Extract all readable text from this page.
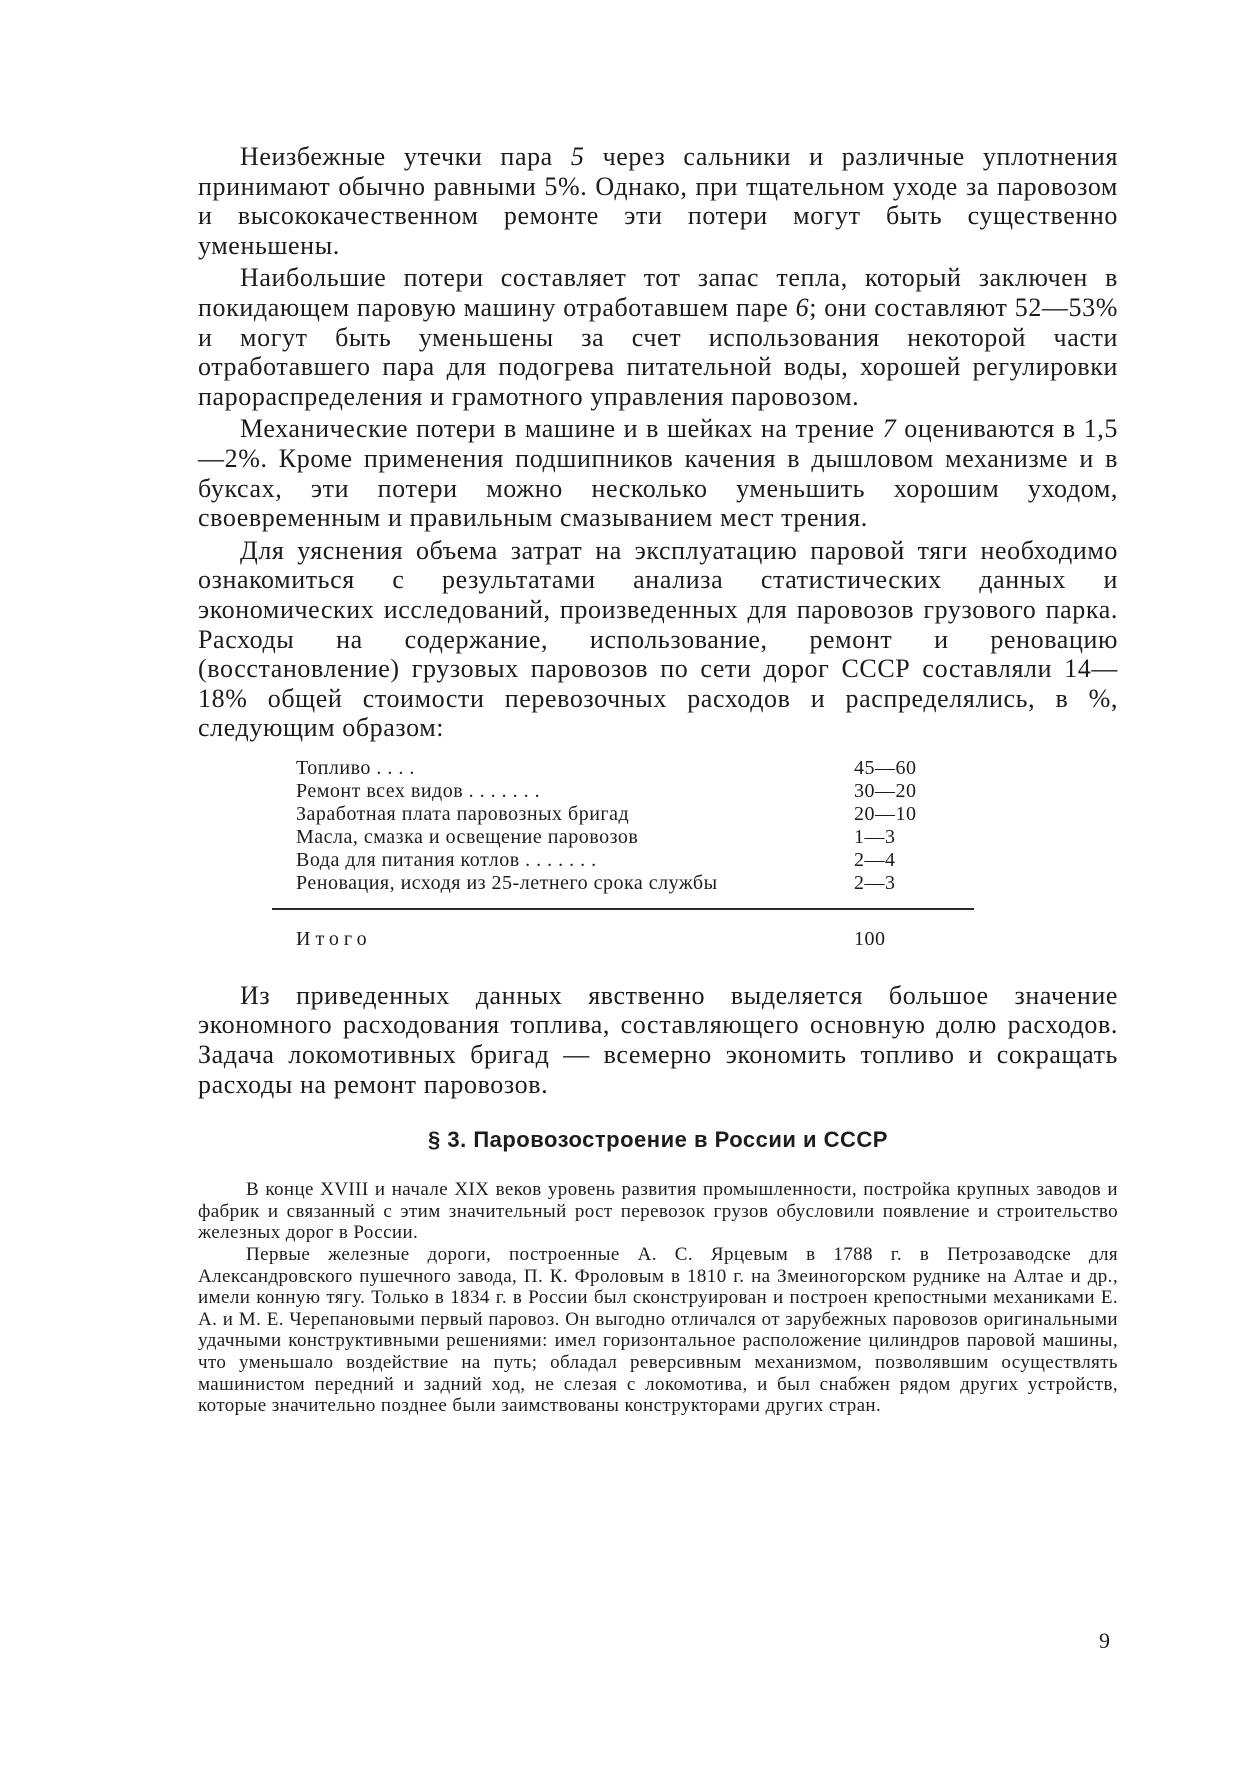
Неизбежные утечки пара 5 через сальники и различные уплотнения принимают обычно равными 5%. Однако, при тщательном уходе за паровозом и высококачественном ремонте эти потери могут быть существенно уменьшены.

Наибольшие потери составляет тот запас тепла, который заключен в покидающем паровую машину отработавшем паре 6; они составляют 52—53% и могут быть уменьшены за счет использования некоторой части отработавшего пара для подогрева питательной воды, хорошей регулировки парораспределения и грамотного управления паровозом.

Механические потери в машине и в шейках на трение 7 оцениваются в 1,5—2%. Кроме применения подшипников качения в дышловом механизме и в буксах, эти потери можно несколько уменьшить хорошим уходом, своевременным и правильным смазыванием мест трения.

Для уяснения объема затрат на эксплуатацию паровой тяги необходимо ознакомиться с результатами анализа статистических данных и экономических исследований, произведенных для паровозов грузового парка. Расходы на содержание, использование, ремонт и реновацию (восстановление) грузовых паровозов по сети дорог СССР составляли 14—18% общей стоимости перевозочных расходов и распределялись, в %, следующим образом:

Топливо . . . .	45—60
Ремонт всех видов . . . . . . .	30—20
Заработная плата паровозных бригад	20—10
Масла, смазка и освещение паровозов	1—3
Вода для питания котлов . . . . . . .	2—4
Реновация, исходя из 25-летнего срока службы	2—3
Итого	100

Из приведенных данных явственно выделяется большое значение экономного расходования топлива, составляющего основную долю расходов. Задача локомотивных бригад — всемерно экономить топливо и сокращать расходы на ремонт паровозов.

§ 3. Паровозостроение в России и СССР

В конце XVIII и начале XIX веков уровень развития промышленности, постройка крупных заводов и фабрик и связанный с этим значительный рост перевозок грузов обусловили появление и строительство железных дорог в России.

Первые железные дороги, построенные А. С. Ярцевым в 1788 г. в Петрозаводске для Александровского пушечного завода, П. К. Фроловым в 1810 г. на Змеиногорском руднике на Алтае и др., имели конную тягу. Только в 1834 г. в России был сконструирован и построен крепостными механиками Е. А. и М. Е. Черепановыми первый паровоз. Он выгодно отличался от зарубежных паровозов оригинальными удачными конструктивными решениями: имел горизонтальное расположение цилиндров паровой машины, что уменьшало воздействие на путь; обладал реверсивным механизмом, позволявшим осуществлять машинистом передний и задний ход, не слезая с локомотива, и был снабжен рядом других устройств, которые значительно позднее были заимствованы конструкторами других стран.

9
